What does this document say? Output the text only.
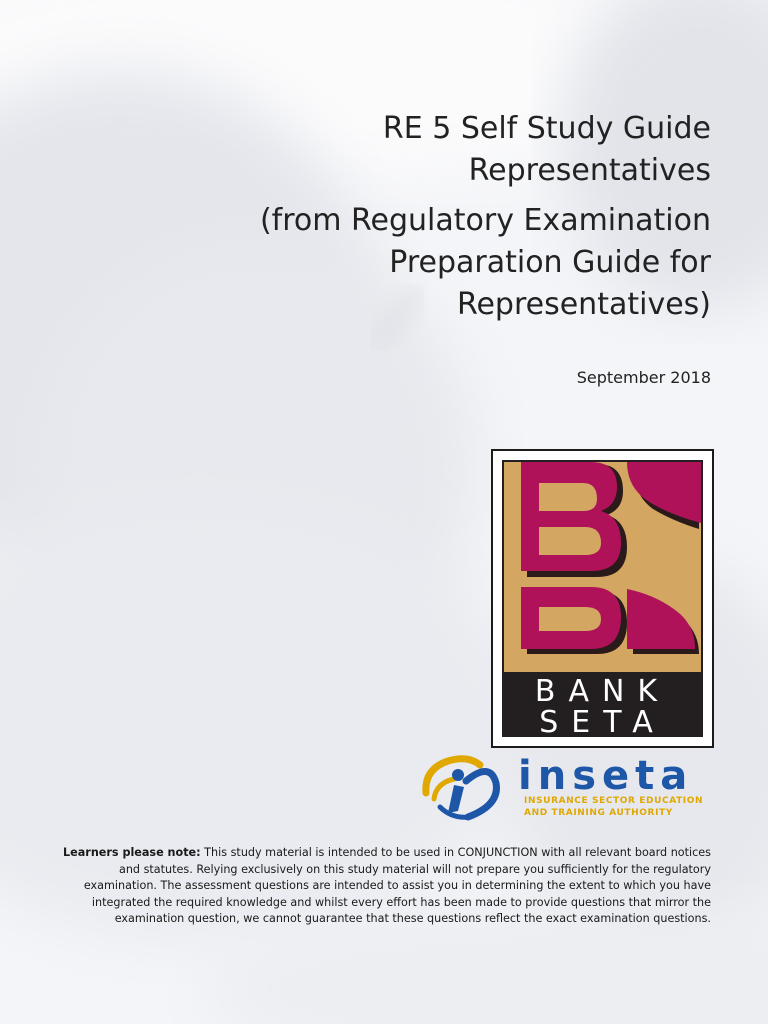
RE 5 Self Study Guide
Representatives
(from Regulatory Examination
Preparation Guide for
Representatives)
September 2018
BANK
SETA
inseta
INSURANCE SECTOR EDUCATION
AND TRAINING AUTHORITY
Learners please note: This study material is intended to be used in CONJUNCTION with all relevant board notices and statutes. Relying exclusively on this study material will not prepare you sufficiently for the regulatory examination. The assessment questions are intended to assist you in determining the extent to which you have integrated the required knowledge and whilst every effort has been made to provide questions that mirror the examination question, we cannot guarantee that these questions reflect the exact examination questions.
